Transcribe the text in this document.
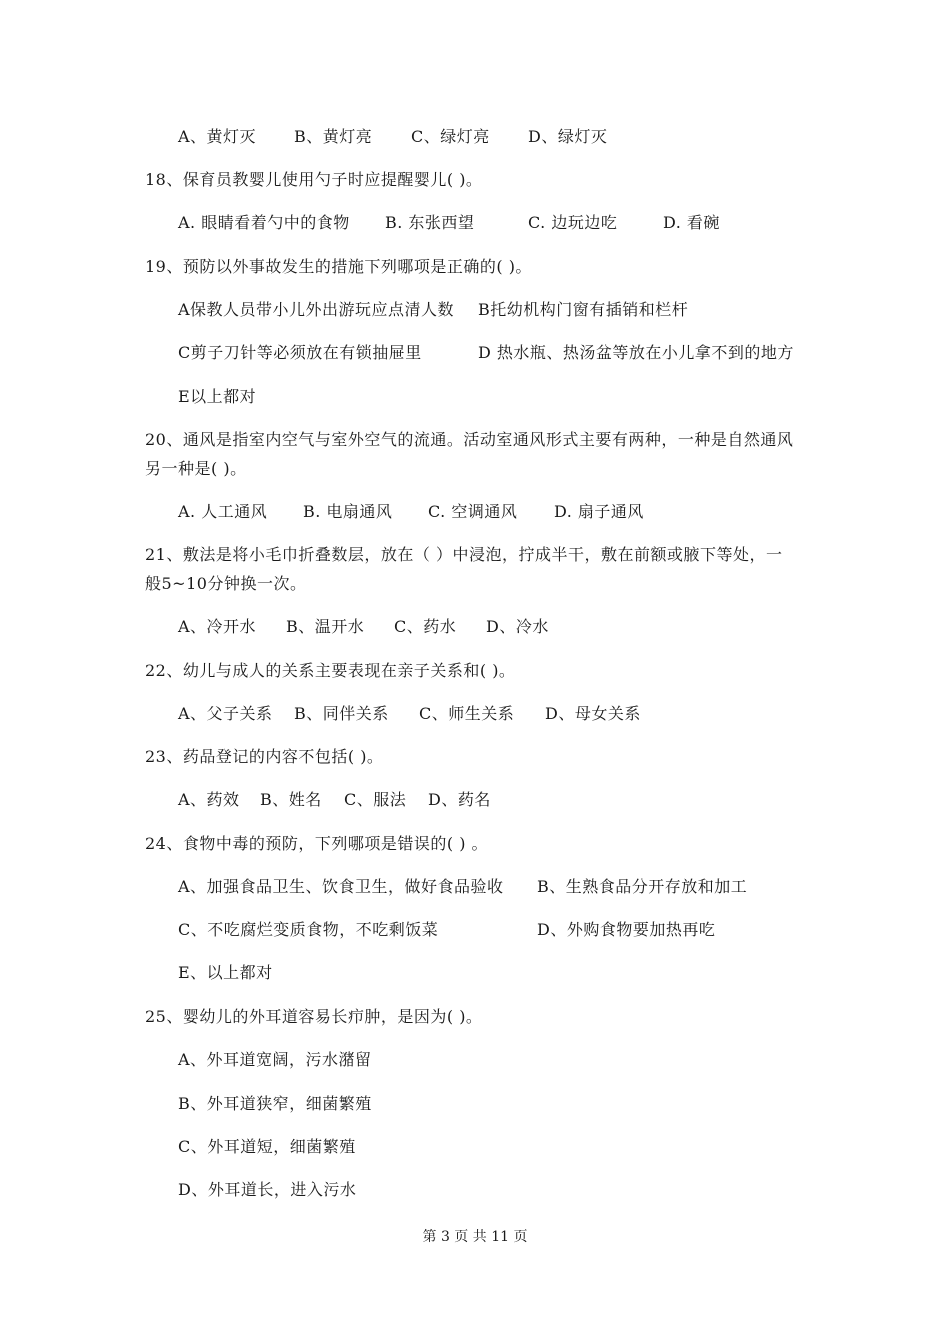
A、黄灯灭 B、黄灯亮 C、绿灯亮 D、绿灯灭
18、保育员教婴儿使用勺子时应提醒婴儿( )。
A. 眼睛看着勺中的食物 B. 东张西望	C. 边玩边吃	D. 看碗
19、预防以外事故发生的措施下列哪项是正确的( )。
A保教人员带小儿外出游玩应点清人数 B托幼机构门窗有插销和栏杆
C剪子刀针等必须放在有锁抽屉里	D 热水瓶、热汤盆等放在小儿拿不到的地方
E以上都对
20、通风是指室内空气与室外空气的流通。活动室通风形式主要有两种，一种是自然通风
另一种是( )。
A. 人工通风 B. 电扇通风 C. 空调通风 D. 扇子通风
21、敷法是将小毛巾折叠数层，放在（ ）中浸泡，拧成半干，敷在前额或腋下等处，一
般5~10分钟换一次。
A、冷开水 B、温开水 C、药水 D、冷水
22、幼儿与成人的关系主要表现在亲子关系和( )。
A、父子关系 B、同伴关系 C、师生关系 D、母女关系
23、药品登记的内容不包括( )。
A、药效 B、姓名 C、服法 D、药名
24、食物中毒的预防，下列哪项是错误的( ) 。
A、加强食品卫生、饮食卫生，做好食品验收 B、生熟食品分开存放和加工
C、不吃腐烂变质食物，不吃剩饭菜	D、外购食物要加热再吃
E、以上都对
25、婴幼儿的外耳道容易长疖肿，是因为( )。
A、外耳道宽阔，污水潴留
B、外耳道狭窄，细菌繁殖
C、外耳道短，细菌繁殖
D、外耳道长，进入污水
第 3 页 共 11 页
